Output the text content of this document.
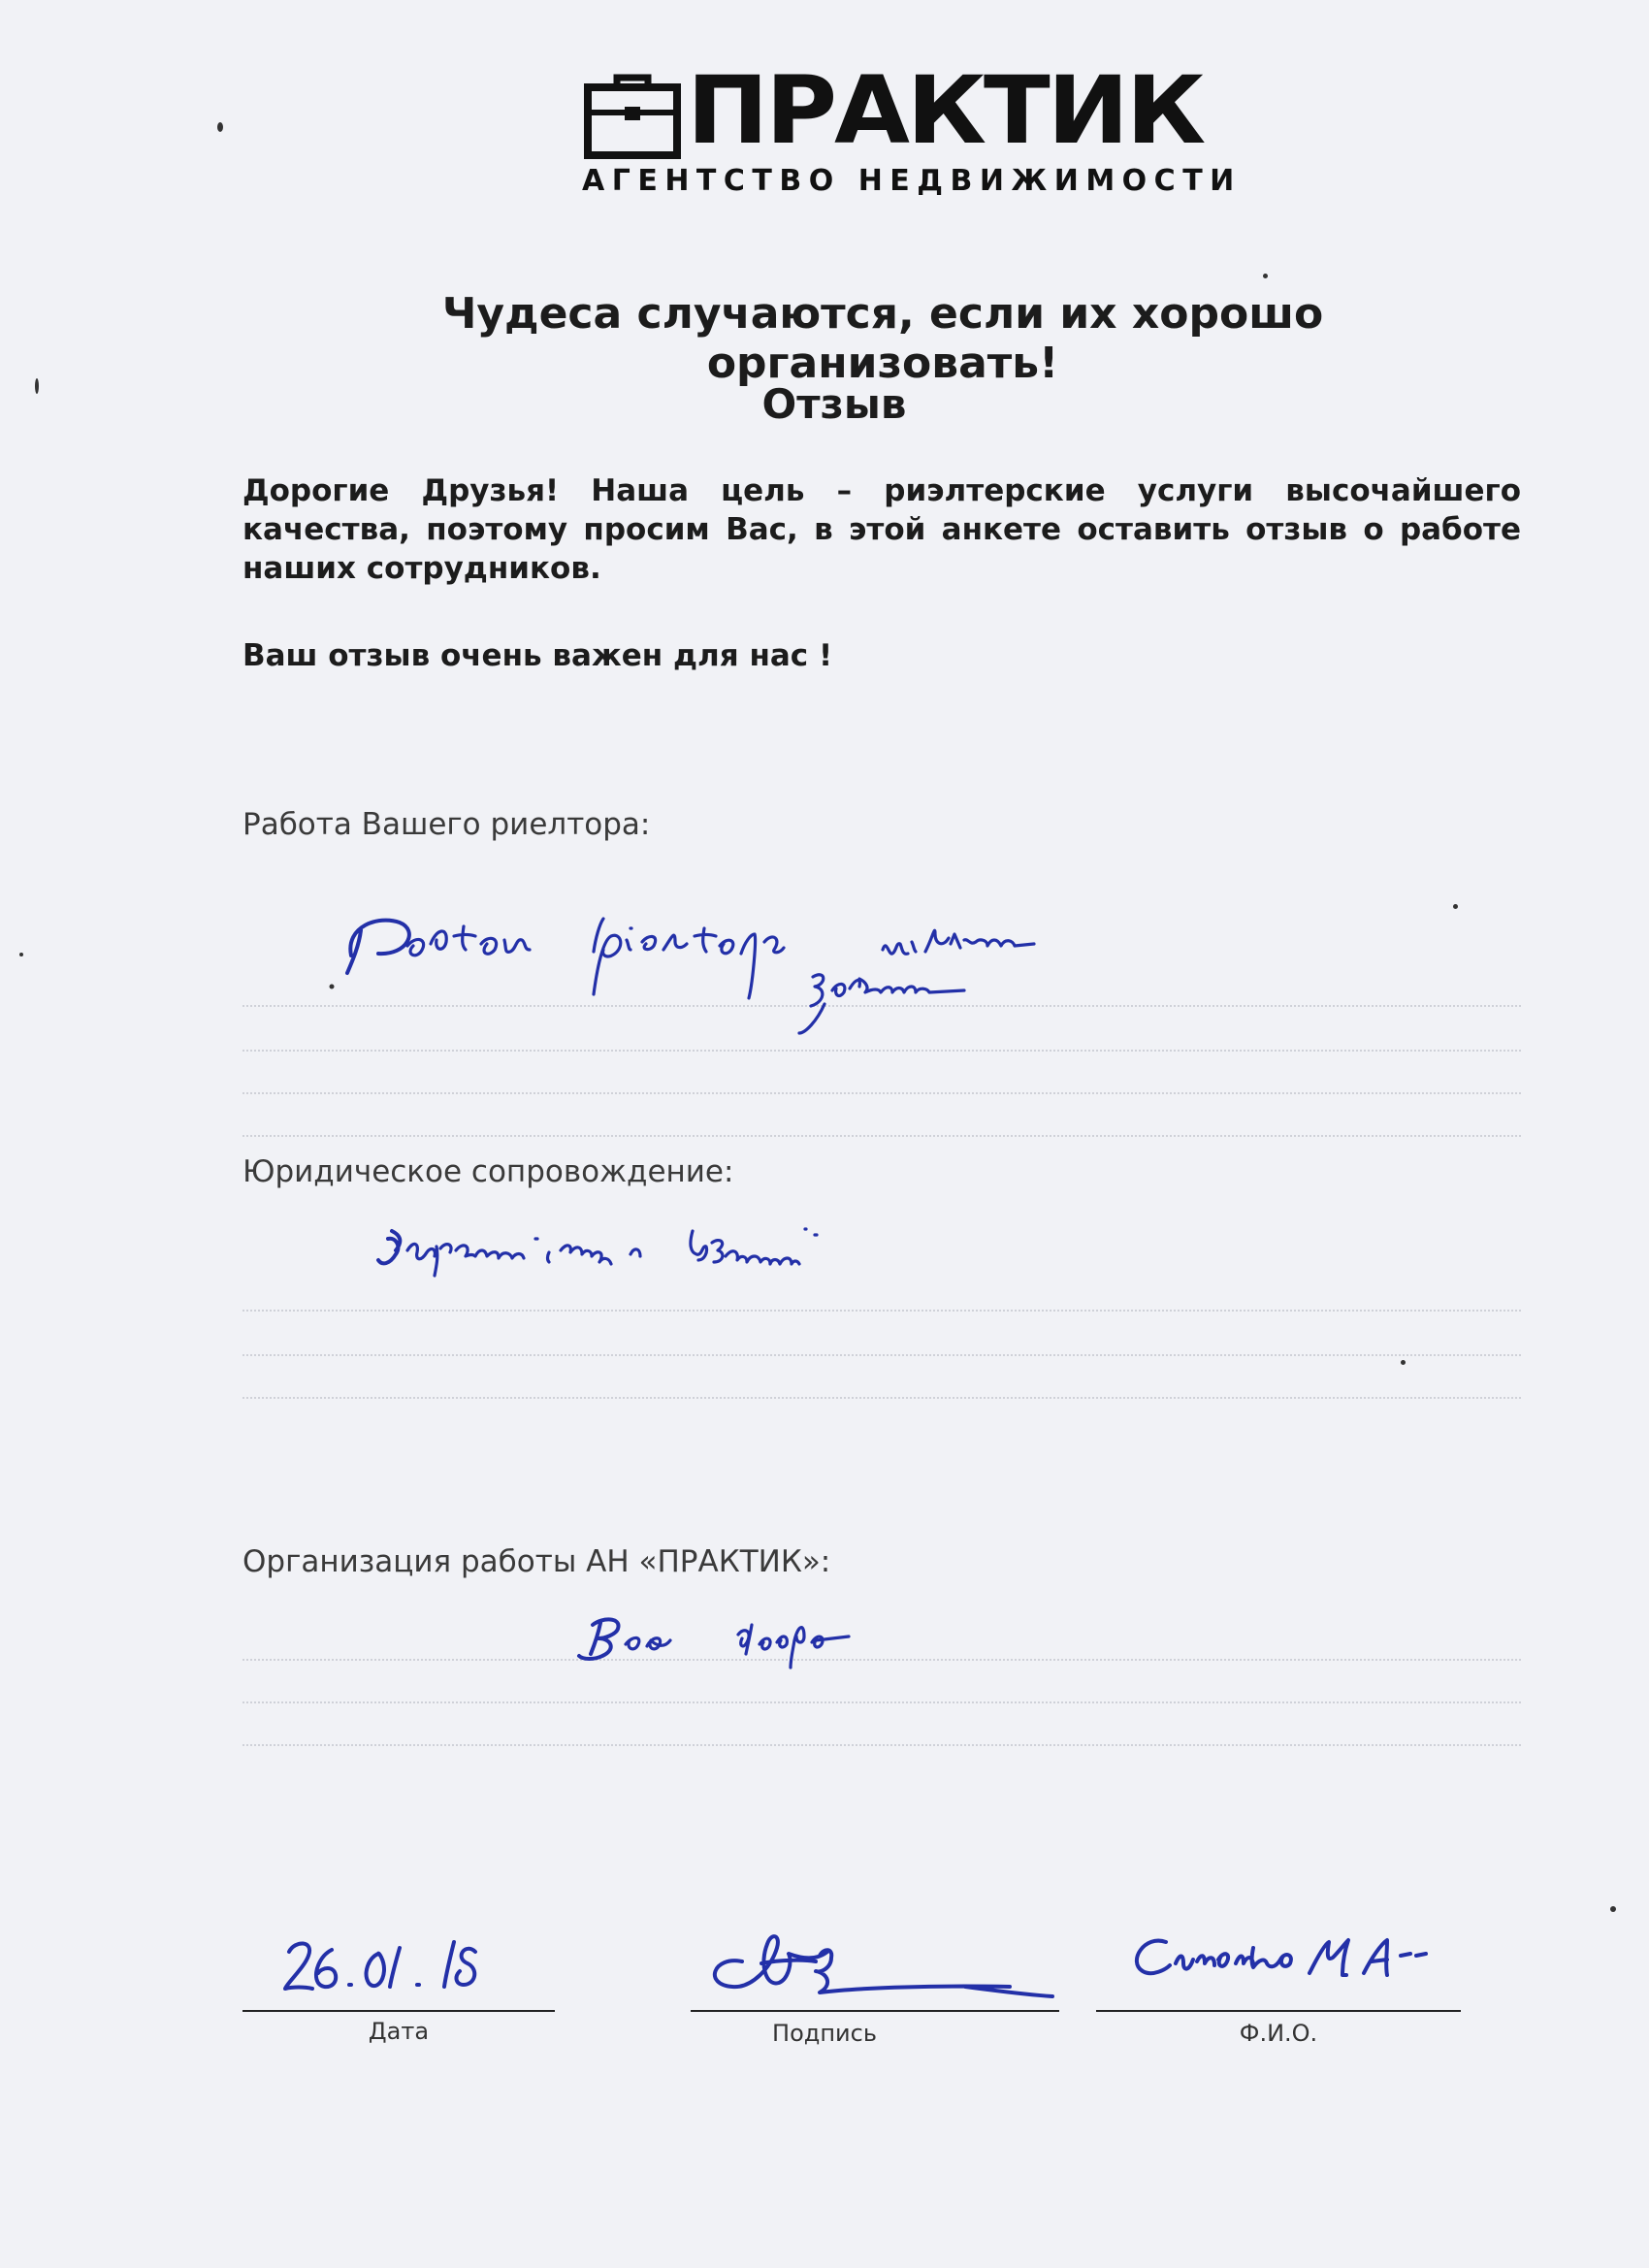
ПРАКТИК
АГЕНТСТВО НЕДВИЖИМОСТИ
Чудеса случаются, если их хорошо организовать!
Отзыв
Дорогие Друзья! Наша цель – риэлтерские услуги высочайшего качества, поэтому просим Вас, в этой анкете оставить отзыв о работе наших сотрудников.
Ваш отзыв очень важен для нас !
Работа Вашего риелтора:
Юридическое сопровождение:
Организация работы АН «ПРАКТИК»:
Дата	Подпись	Ф.И.О.
